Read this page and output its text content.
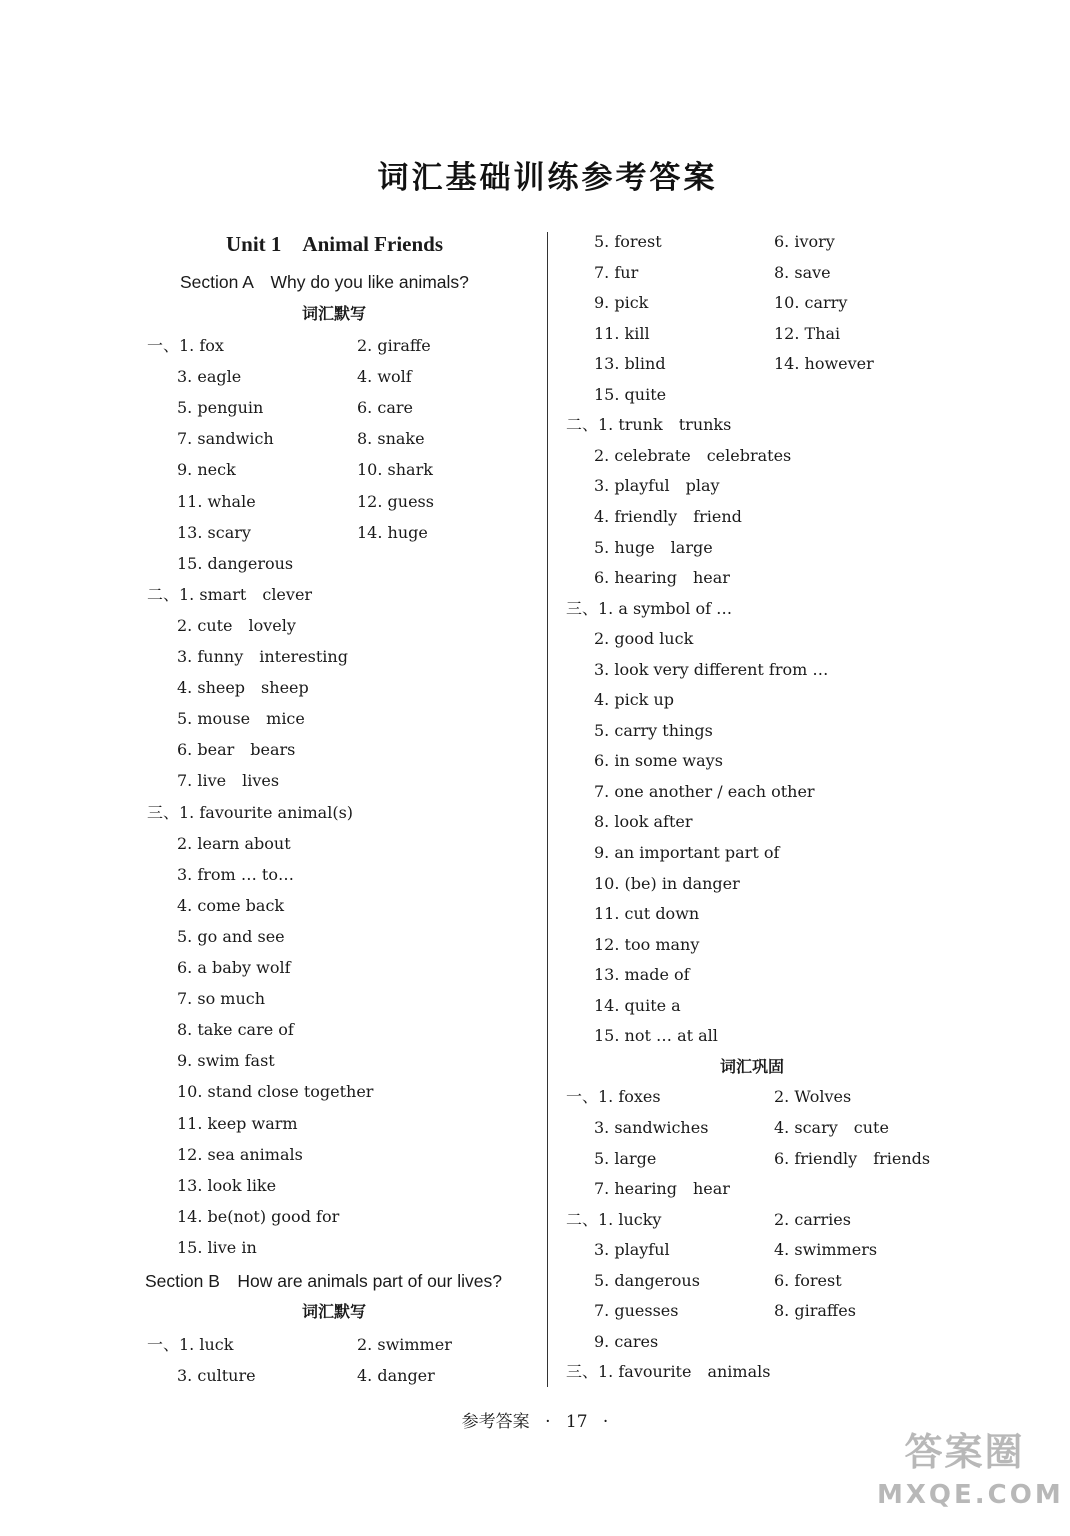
词汇基础训练参考答案
Unit 1　Animal Friends
Section A　Why do you like animals?
词汇默写
一、1. fox	2. giraffe
3. eagle	4. wolf
5. penguin	6. care
7. sandwich	8. snake
9. neck	10. shark
11. whale	12. guess
13. scary	14. huge
15. dangerous
二、1. smart　clever
2. cute　lovely
3. funny　interesting
4. sheep　sheep
5. mouse　mice
6. bear　bears
7. live　lives
三、1. favourite animal(s)
2. learn about
3. from … to…
4. come back
5. go and see
6. a baby wolf
7. so much
8. take care of
9. swim fast
10. stand close together
11. keep warm
12. sea animals
13. look like
14. be(not) good for
15. live in
Section B　How are animals part of our lives?
词汇默写
一、1. luck	2. swimmer
3. culture	4. danger
5. forest	6. ivory
7. fur	8. save
9. pick	10. carry
11. kill	12. Thai
13. blind	14. however
15. quite
二、1. trunk　trunks
2. celebrate　celebrates
3. playful　play
4. friendly　friend
5. huge　large
6. hearing　hear
三、1. a symbol of …
2. good luck
3. look very different from …
4. pick up
5. carry things
6. in some ways
7. one another / each other
8. look after
9. an important part of
10. (be) in danger
11. cut down
12. too many
13. made of
14. quite a
15. not … at all
词汇巩固
一、1. foxes	2. Wolves
3. sandwiches	4. scary　cute
5. large	6. friendly　friends
7. hearing　hear
二、1. lucky	2. carries
3. playful	4. swimmers
5. dangerous	6. forest
7. guesses	8. giraffes
9. cares
三、1. favourite　animals
参考答案 · 17 ·
答案圈
MXQE.COM
